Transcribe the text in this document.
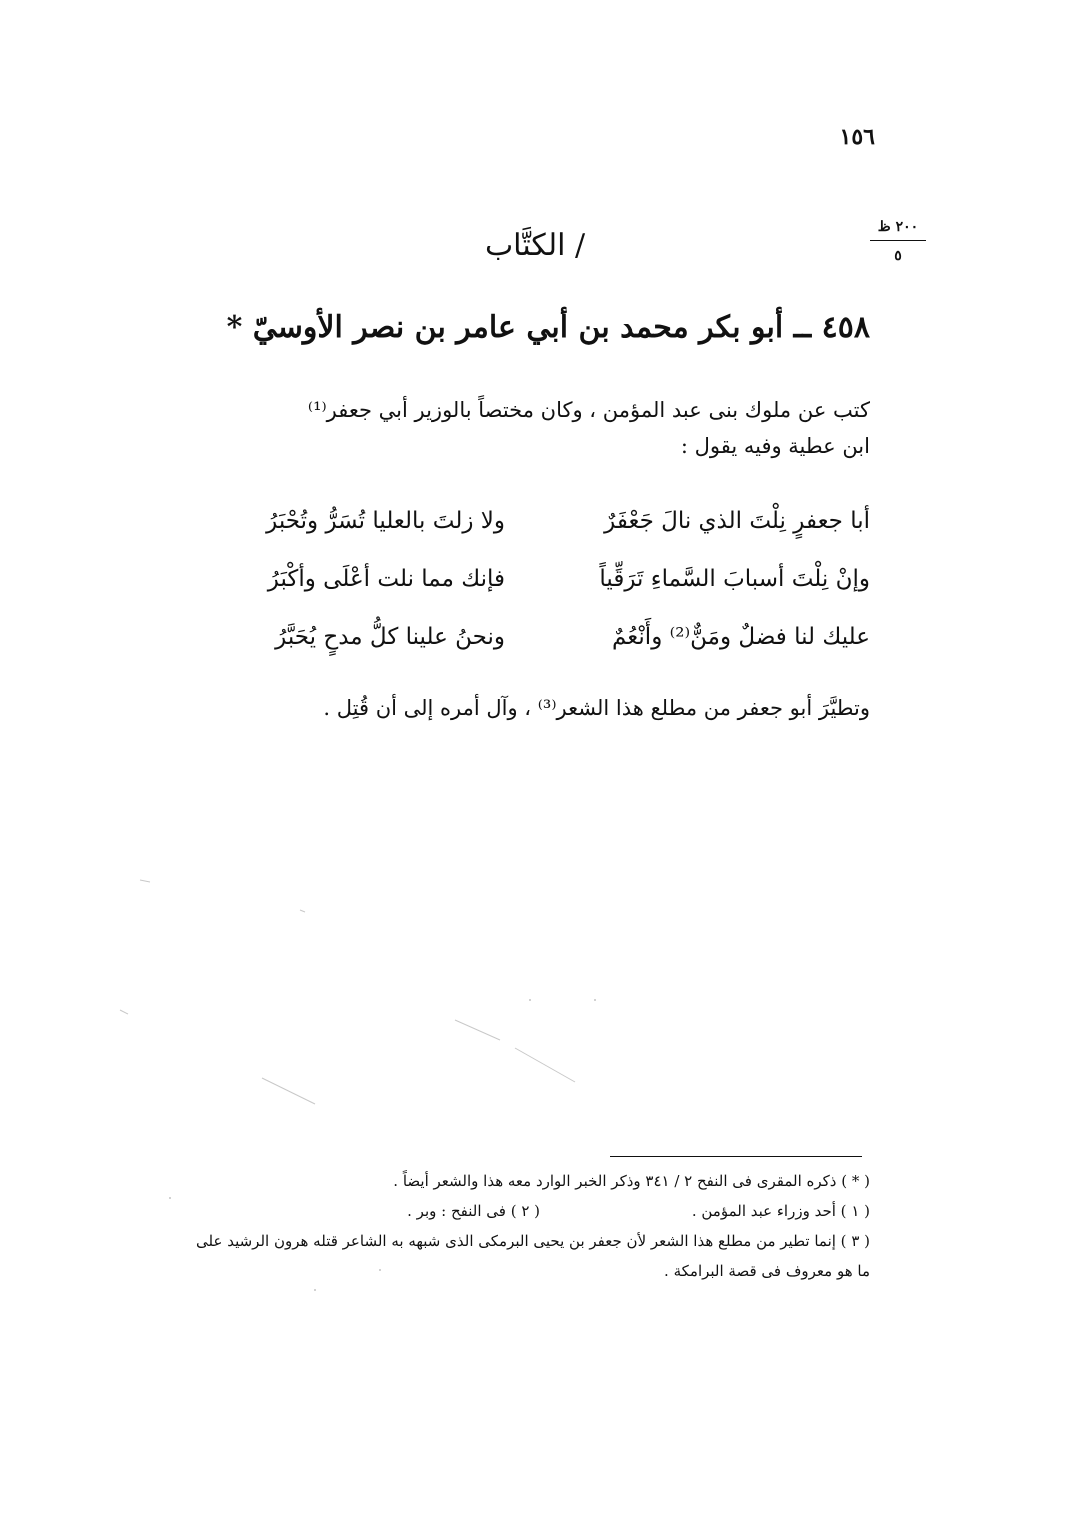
١٥٦
٢٠٠ ظ
٥
/ الكتَّاب
٤٥٨ ــ أبو بكر محمد بن أبي عامر بن نصر الأوسيّ *

كتب عن ملوك بنى عبد المؤمن ، وكان مختصاً بالوزير أبي جعفر⁽¹⁾

ابن عطية وفيه يقول :

أبا جعفرٍ نِلْتَ الذي نالَ جَعْفَرٌ
ولا زلتَ بالعليا تُسَرُّ وتُحْبَرُ
وإنْ نِلْتَ أسبابَ السَّماءِ تَرَقِّياً
فإنك مما نلت أعْلَى وأكْبَرُ
عليك لنا فضلٌ ومَنٌّ⁽²⁾ وأَنْعُمٌ
ونحنُ علينا كلُّ مدحٍ يُحَبَّرُ
وتطيَّرَ أبو جعفر من مطلع هذا الشعر⁽³⁾ ، وآل أمره إلى أن قُتِل .
( * ) ذكره المقرى فى النفح ٢ / ٣٤١ وذكر الخبر الوارد معه هذا والشعر أيضاً .
( ١ ) أحد وزراء عبد المؤمن .
( ٢ ) فى النفح : وبر .
( ٣ ) إنما تطير من مطلع هذا الشعر لأن جعفر بن يحيى البرمكى الذى شبهه به الشاعر قتله هرون الرشيد على ما هو معروف فى قصة البرامكة .
